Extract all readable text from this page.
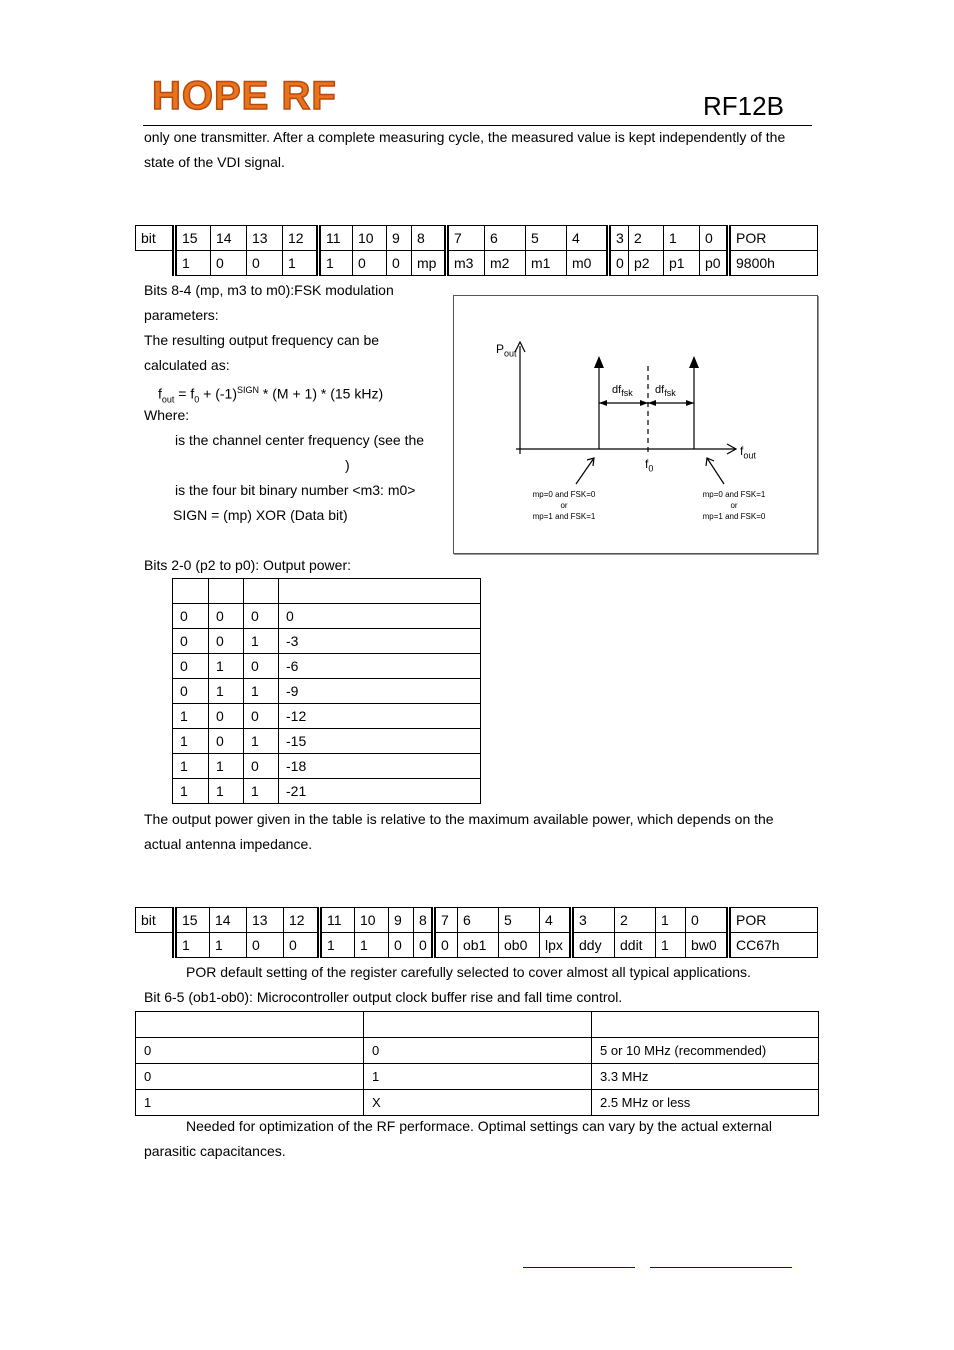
HOPE RF	RF12B
only one transmitter. After a complete measuring cycle, the measured value is kept independently of the
state of the VDI signal.
bit	15	14	13	12	11	10	9	8	7	6	5	4	3	2	1	0	POR
	1	0	0	1	1	0	0	mp	m3	m2	m1	m0	0	p2	p1	p0	9800h
Bits 8-4 (mp, m3 to m0):FSK modulation
parameters:
The resulting output frequency can be
calculated as:
$f_{out} = f_0 + (-1)^{SIGN} * (M + 1) * (15$ kHz)
Where:
is the channel center frequency (see the
)
is the four bit binary number <m3: m0>
SIGN = (mp) XOR (Data bit)
$P_{out}$
$f_{out}$
$df_{fsk}$ $df_{fsk}$
$f_0$
mp=0 and FSK=0
or
mp=1 and FSK=1
mp=0 and FSK=1
or
mp=1 and FSK=0
Bits 2-0 (p2 to p0): Output power:

0	0	0	0
0	0	1	-3
0	1	0	-6
0	1	1	-9
1	0	0	-12
1	0	1	-15
1	1	0	-18
1	1	1	-21
The output power given in the table is relative to the maximum available power, which depends on the
actual antenna impedance.
bit	15	14	13	12	11	10	9	8	7	6	5	4	3	2	1	0	POR
	1	1	0	0	1	1	0	0	0	ob1	ob0	lpx	ddy	ddit	1	bw0	CC67h
POR default setting of the register carefully selected to cover almost all typical applications.
Bit 6-5 (ob1-ob0): Microcontroller output clock buffer rise and fall time control.

0	0	5 or 10 MHz (recommended)
0	1	3.3 MHz
1	X	2.5 MHz or less
Needed for optimization of the RF performace. Optimal settings can vary by the actual external
parasitic capacitances.
